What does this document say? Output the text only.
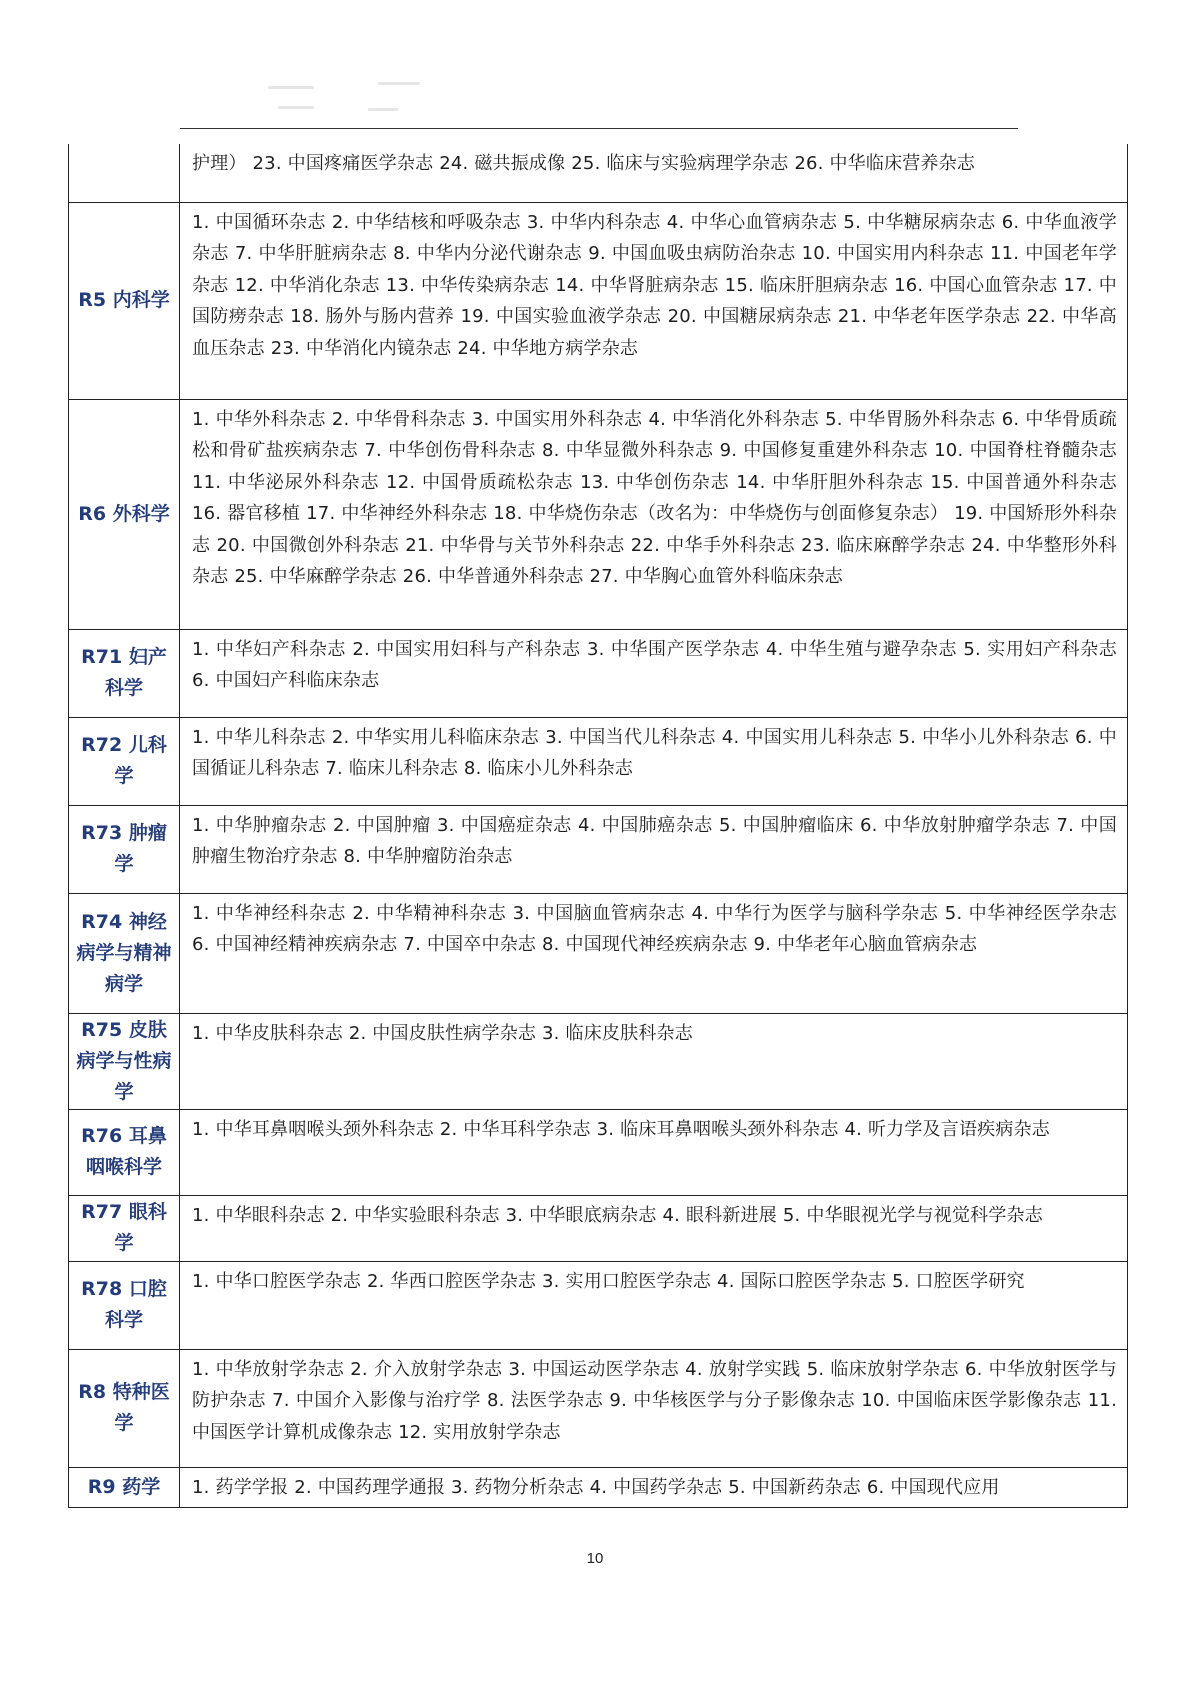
	护理） 23. 中国疼痛医学杂志 24. 磁共振成像 25. 临床与实验病理学杂志 26. 中华临床营养杂志
R5 内科学	1. 中国循环杂志 2. 中华结核和呼吸杂志 3. 中华内科杂志 4. 中华心血管病杂志 5. 中华糖尿病杂志 6. 中华血液学杂志 7. 中华肝脏病杂志 8. 中华内分泌代谢杂志 9. 中国血吸虫病防治杂志 10. 中国实用内科杂志 11. 中国老年学杂志 12. 中华消化杂志 13. 中华传染病杂志 14. 中华肾脏病杂志 15. 临床肝胆病杂志 16. 中国心血管杂志 17. 中国防痨杂志 18. 肠外与肠内营养 19. 中国实验血液学杂志 20. 中国糖尿病杂志 21. 中华老年医学杂志 22. 中华高血压杂志 23. 中华消化内镜杂志 24. 中华地方病学杂志
R6 外科学	1. 中华外科杂志 2. 中华骨科杂志 3. 中国实用外科杂志 4. 中华消化外科杂志 5. 中华胃肠外科杂志 6. 中华骨质疏松和骨矿盐疾病杂志 7. 中华创伤骨科杂志 8. 中华显微外科杂志 9. 中国修复重建外科杂志 10. 中国脊柱脊髓杂志 11. 中华泌尿外科杂志 12. 中国骨质疏松杂志 13. 中华创伤杂志 14. 中华肝胆外科杂志 15. 中国普通外科杂志 16. 器官移植 17. 中华神经外科杂志 18. 中华烧伤杂志（改名为：中华烧伤与创面修复杂志） 19. 中国矫形外科杂志 20. 中国微创外科杂志 21. 中华骨与关节外科杂志 22. 中华手外科杂志 23. 临床麻醉学杂志 24. 中华整形外科杂志 25. 中华麻醉学杂志 26. 中华普通外科杂志 27. 中华胸心血管外科临床杂志
R71 妇产科学	1. 中华妇产科杂志 2. 中国实用妇科与产科杂志 3. 中华围产医学杂志 4. 中华生殖与避孕杂志 5. 实用妇产科杂志 6. 中国妇产科临床杂志
R72 儿科学	1. 中华儿科杂志 2. 中华实用儿科临床杂志 3. 中国当代儿科杂志 4. 中国实用儿科杂志 5. 中华小儿外科杂志 6. 中国循证儿科杂志 7. 临床儿科杂志 8. 临床小儿外科杂志
R73 肿瘤学	1. 中华肿瘤杂志 2. 中国肿瘤 3. 中国癌症杂志 4. 中国肺癌杂志 5. 中国肿瘤临床 6. 中华放射肿瘤学杂志 7. 中国肿瘤生物治疗杂志 8. 中华肿瘤防治杂志
R74 神经病学与精神病学	1. 中华神经科杂志 2. 中华精神科杂志 3. 中国脑血管病杂志 4. 中华行为医学与脑科学杂志 5. 中华神经医学杂志 6. 中国神经精神疾病杂志 7. 中国卒中杂志 8. 中国现代神经疾病杂志 9. 中华老年心脑血管病杂志
R75 皮肤病学与性病学	1. 中华皮肤科杂志 2. 中国皮肤性病学杂志 3. 临床皮肤科杂志
R76 耳鼻咽喉科学	1. 中华耳鼻咽喉头颈外科杂志 2. 中华耳科学杂志 3. 临床耳鼻咽喉头颈外科杂志 4. 听力学及言语疾病杂志
R77 眼科学	1. 中华眼科杂志 2. 中华实验眼科杂志 3. 中华眼底病杂志 4. 眼科新进展 5. 中华眼视光学与视觉科学杂志
R78 口腔科学	1. 中华口腔医学杂志 2. 华西口腔医学杂志 3. 实用口腔医学杂志 4. 国际口腔医学杂志 5. 口腔医学研究
R8 特种医学	1. 中华放射学杂志 2. 介入放射学杂志 3. 中国运动医学杂志 4. 放射学实践 5. 临床放射学杂志 6. 中华放射医学与防护杂志 7. 中国介入影像与治疗学 8. 法医学杂志 9. 中华核医学与分子影像杂志 10. 中国临床医学影像杂志 11. 中国医学计算机成像杂志 12. 实用放射学杂志
R9 药学	1. 药学学报 2. 中国药理学通报 3. 药物分析杂志 4. 中国药学杂志 5. 中国新药杂志 6. 中国现代应用
10
